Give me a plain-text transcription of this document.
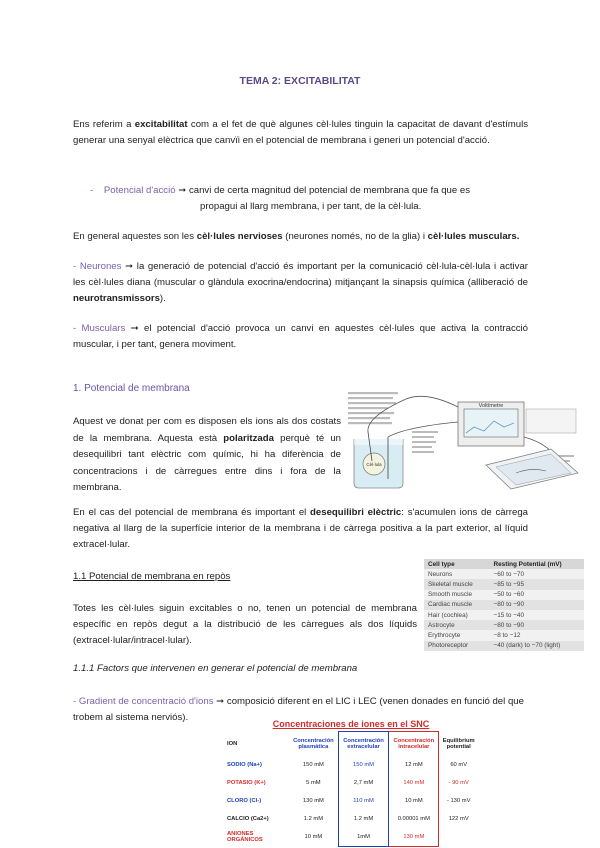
TEMA 2: EXCITABILITAT

Ens referim a excitabilitat com a el fet de què algunes cèl·lules tinguin la capacitat de davant d'estímuls generar una senyal elèctrica que canvïi en el potencial de membrana i generi un potencial d'acció.

- Potencial d'acció ➞ canvi de certa magnitud del potencial de membrana que fa que es

propagui al llarg membrana, i per tant, de la cèl·lula.

En general aquestes son les cèl·lules nervioses (neurones només, no de la glia) i cèl·lules musculars.

- Neurones ➞ la generació de potencial d'acció és important per la comunicació cèl·lula-cèl·lula i activar les cèl·lules diana (muscular o glàndula exocrina/endocrina) mitjançant la sinapsis química (alliberació de neurotransmissors).

- Musculars ➞ el potencial d'acció provoca un canvi en aquestes cèl·lules que activa la contracció muscular, i per tant, genera moviment.

1. Potencial de membrana

Aquest ve donat per com es disposen els ions als dos costats de la membrana. Aquesta està polaritzada perquè té un desequilibri tant elèctric com químic, hi ha diferència de concentracions i de càrregues entre dins i fora de la membrana.

Voltímetre
Cèl·lula

En el cas del potencial de membrana és important el desequilibri elèctric: s'acumulen ions de càrrega negativa al llarg de la superfície interior de la membrana i de càrrega positiva a la part exterior, al líquid extracel·lular.

Cell type	Resting Potential (mV)
Neurons	−60 to −70
Skeletal muscle	−85 to −95
Smooth muscle	−50 to −60
Cardiac muscle	−80 to −90
Hair (cochlea)	−15 to −40
Astrocyte	−80 to −90
Erythrocyte	−8 to −12
Photoreceptor	−40 (dark) to −70 (light)
1.1 Potencial de membrana en repòs

Totes les cèl·lules siguin excitables o no, tenen un potencial de membrana específic en repòs degut a la distribució de les càrregues als dos líquids (extracel·lular/intracel·lular).

1.1.1 Factors que intervenen en generar el potencial de membrana

- Gradient de concentració d'ions ➞ composició diferent en el LIC i LEC (venen donades en funció del que trobem al sistema nerviós).

Concentraciones de iones en el SNC
ION	Concentración plasmática	Concentración extracelular	Concentración intracelular	Equilibrium potential
SODIO (Na+)	150 mM	150 mM	12 mM	60 mV
POTASIO (K+)	5 mM	2,7 mM	140 mM	- 90 mV
CLORO (Cl-)	130 mM	110 mM	10 mM	- 130 mV
CALCIO (Ca2+)	1.2 mM	1.2 mM	0.00001 mM	122 mV
ANIONES ORGÁNICOS	10 mM	1mM	130 mM	
